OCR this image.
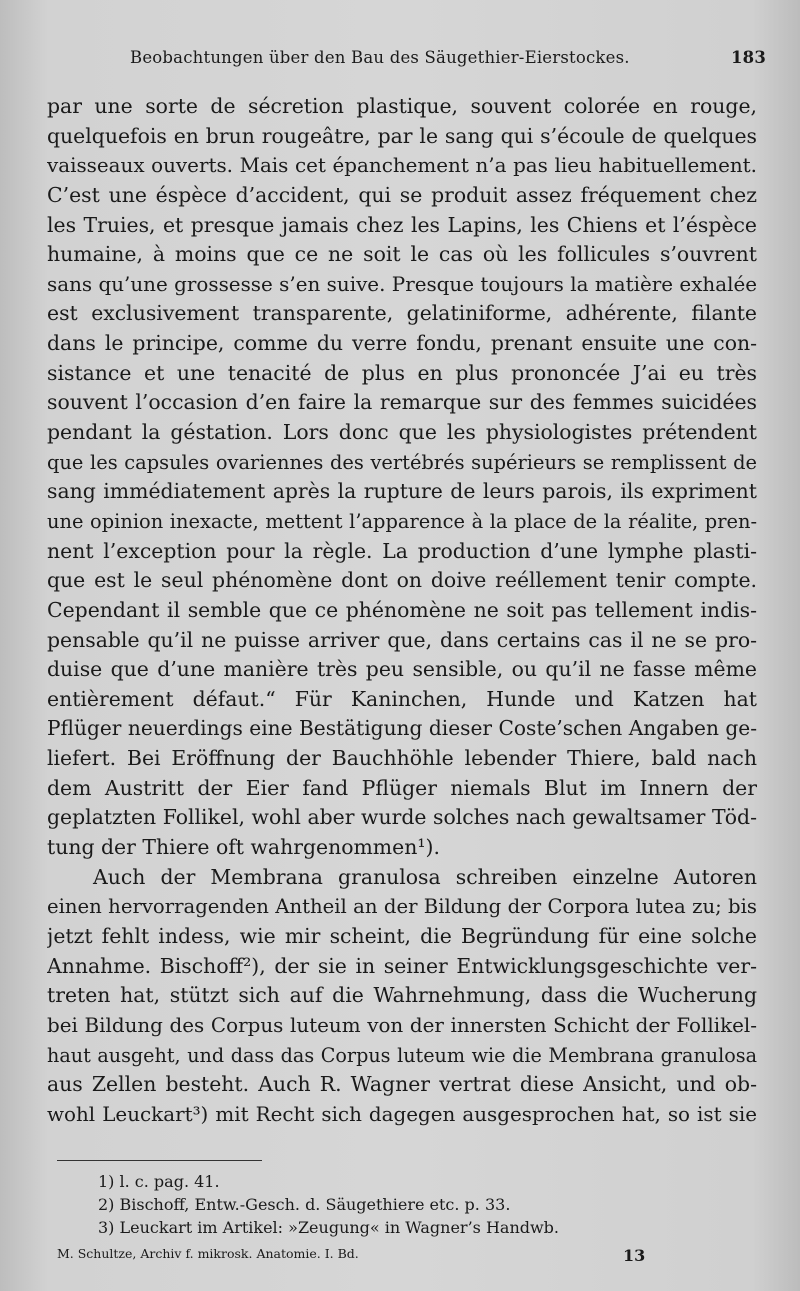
Beobachtungen über den Bau des Säugethier-Eierstockes.	183
par une sorte de sécretion plastique, souvent colorée en rouge,
quelquefois en brun rougeâtre, par le sang qui s’écoule de quelques
vaisseaux ouverts. Mais cet épanchement n’a pas lieu habituellement.
C’est une éspèce d’accident, qui se produit assez fréquement chez
les Truies, et presque jamais chez les Lapins, les Chiens et l’éspèce
humaine, à moins que ce ne soit le cas où les follicules s’ouvrent
sans qu’une grossesse s’en suive. Presque toujours la matière exhalée
est exclusivement transparente, gelatiniforme, adhérente, filante
dans le principe, comme du verre fondu, prenant ensuite une con-
sistance et une tenacité de plus en plus prononcée J’ai eu très
souvent l’occasion d’en faire la remarque sur des femmes suicidées
pendant la géstation. Lors donc que les physiologistes prétendent
que les capsules ovariennes des vertébrés supérieurs se remplissent de
sang immédiatement après la rupture de leurs parois, ils expriment
une opinion inexacte, mettent l’apparence à la place de la réalite, pren-
nent l’exception pour la règle. La production d’une lymphe plasti-
que est le seul phénomène dont on doive reéllement tenir compte.
Cependant il semble que ce phénomène ne soit pas tellement indis-
pensable qu’il ne puisse arriver que, dans certains cas il ne se pro-
duise que d’une manière très peu sensible, ou qu’il ne fasse même
entièrement défaut.“ Für Kaninchen, Hunde und Katzen hat
Pflüger neuerdings eine Bestätigung dieser Coste’schen Angaben ge-
liefert. Bei Eröffnung der Bauchhöhle lebender Thiere, bald nach
dem Austritt der Eier fand Pflüger niemals Blut im Innern der
geplatzten Follikel, wohl aber wurde solches nach gewaltsamer Töd-
tung der Thiere oft wahrgenommen¹).
Auch der Membrana granulosa schreiben einzelne Autoren
einen hervorragenden Antheil an der Bildung der Corpora lutea zu; bis
jetzt fehlt indess, wie mir scheint, die Begründung für eine solche
Annahme. Bischoff²), der sie in seiner Entwicklungsgeschichte ver-
treten hat, stützt sich auf die Wahrnehmung, dass die Wucherung
bei Bildung des Corpus luteum von der innersten Schicht der Follikel-
haut ausgeht, und dass das Corpus luteum wie die Membrana granulosa
aus Zellen besteht. Auch R. Wagner vertrat diese Ansicht, und ob-
wohl Leuckart³) mit Recht sich dagegen ausgesprochen hat, so ist sie
1) l. c. pag. 41.
2) Bischoff, Entw.-Gesch. d. Säugethiere etc. p. 33.
3) Leuckart im Artikel: »Zeugung« in Wagner’s Handwb.
M. Schultze, Archiv f. mikrosk. Anatomie. I. Bd.	13
